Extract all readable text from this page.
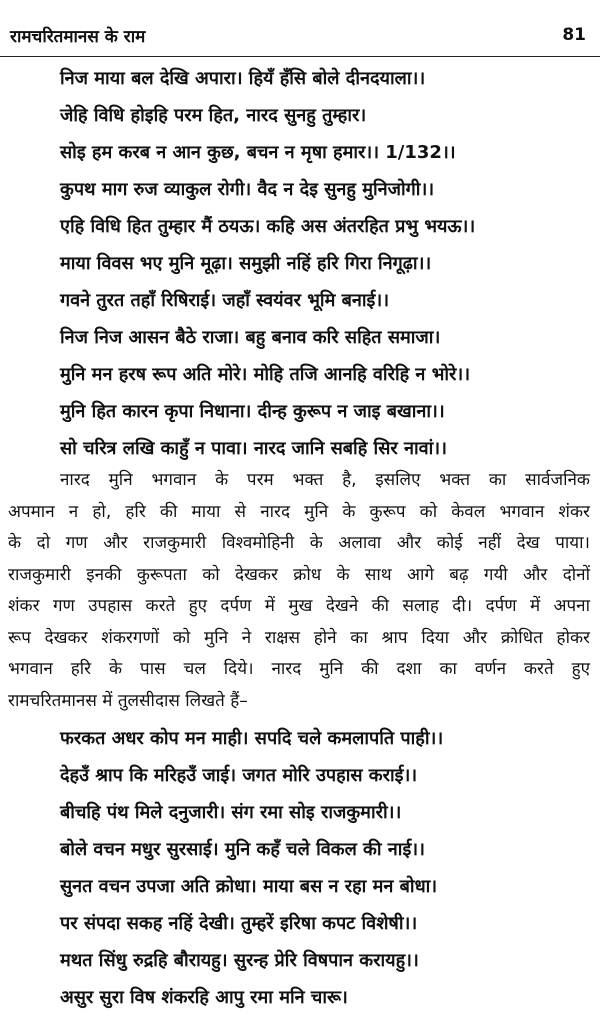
रामचरितमानस के राम	81
निज माया बल देखि अपारा। हियँ हँसि बोले दीनदयाला।।
जेहि विधि होइहि परम हित, नारद सुनहु तुम्हार।
सोइ हम करब न आन कुछ, बचन न मृषा हमार।। 1/132।।
कुपथ माग रुज व्याकुल रोगी। वैद न देइ सुनहु मुनिजोगी।।
एहि विधि हित तुम्हार मैं ठयऊ। कहि अस अंतरहित प्रभु भयऊ।।
माया विवस भए मुनि मूढ़ा। समुझी नहिं हरि गिरा निगूढ़ा।।
गवने तुरत तहाँ रिषिराई। जहाँ स्वयंवर भूमि बनाई।।
निज निज आसन बैठे राजा। बहु बनाव करि सहित समाजा।
मुनि मन हरष रूप अति मोरे। मोहि तजि आनहि वरिहि न भोरे।।
मुनि हित कारन कृपा निधाना। दीन्ह कुरूप न जाइ बखाना।।
सो चरित्र लखि काहुँ न पावा। नारद जानि सबहि सिर नावां।।
नारद मुनि भगवान के परम भक्त है, इसलिए भक्त का सार्वजनिक
अपमान न हो, हरि की माया से नारद मुनि के कुरूप को केवल भगवान शंकर
के दो गण और राजकुमारी विश्वमोहिनी के अलावा और कोई नहीं देख पाया।
राजकुमारी इनकी कुरूपता को देखकर क्रोध के साथ आगे बढ़ गयी और दोनों
शंकर गण उपहास करते हुए दर्पण में मुख देखने की सलाह दी। दर्पण में अपना
रूप देखकर शंकरगणों को मुनि ने राक्षस होने का श्राप दिया और क्रोधित होकर
भगवान हरि के पास चल दिये। नारद मुनि की दशा का वर्णन करते हुए
रामचरितमानस में तुलसीदास लिखते हैं–
फरकत अधर कोप मन माही। सपदि चले कमलापति पाही।।
देहउँ श्राप कि मरिहउँ जाई। जगत मोरि उपहास कराई।।
बीचहि पंथ मिले दनुजारी। संग रमा सोइ राजकुमारी।।
बोले वचन मधुर सुरसाई। मुनि कहँ चले विकल की नाई।।
सुनत वचन उपजा अति क्रोधा। माया बस न रहा मन बोधा।
पर संपदा सकह नहिं देखी। तुम्हरें इरिषा कपट विशेषी।।
मथत सिंधु रुद्रहि बौरायहु। सुरन्ह प्रेरि विषपान करायहु।।
असुर सुरा विष शंकरहि आपु रमा मनि चारू।
